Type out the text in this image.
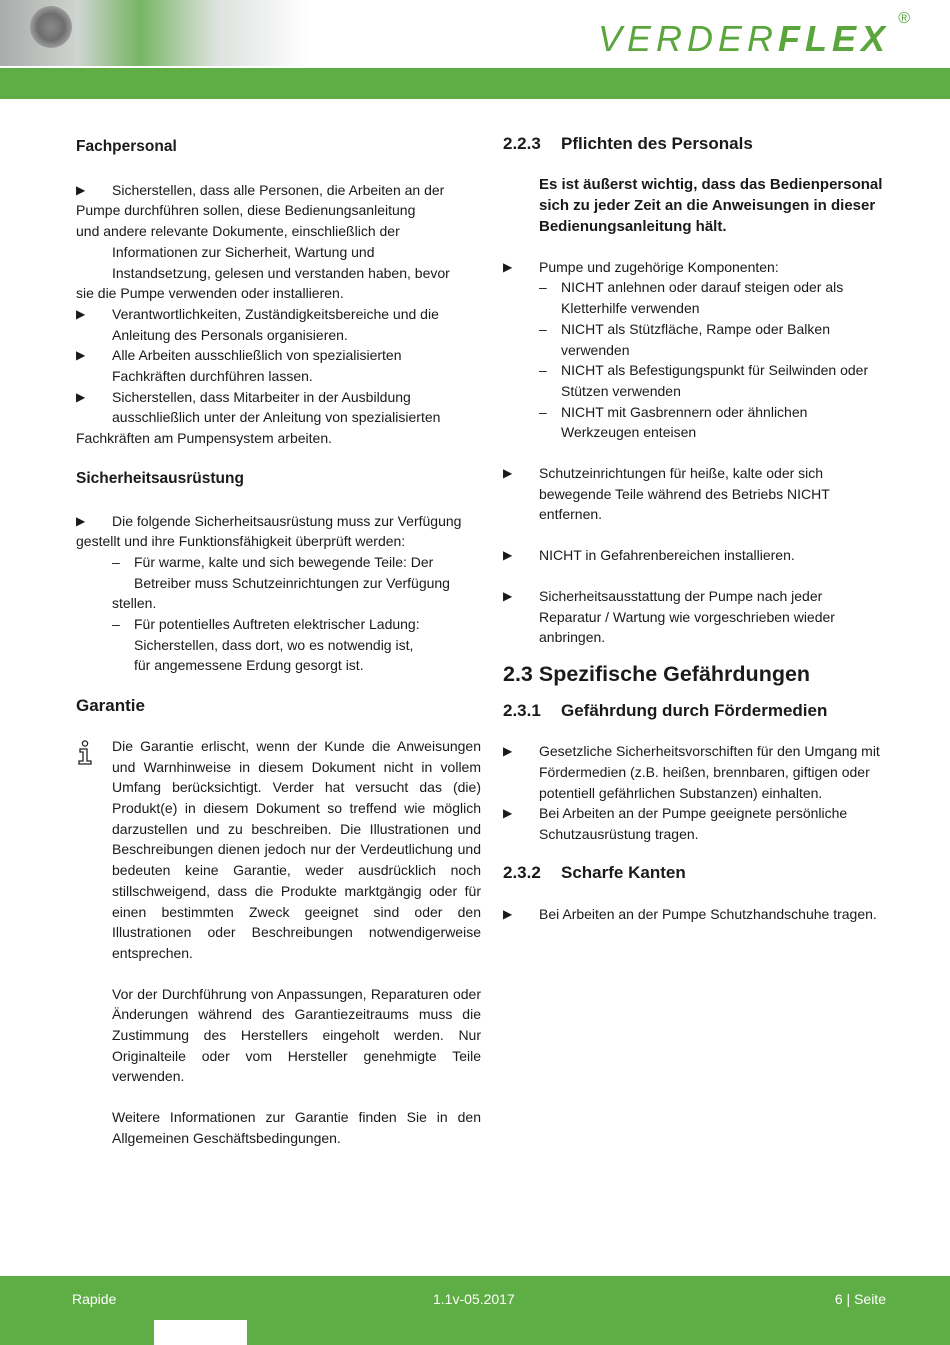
VERDERFLEX ®

Fachpersonal

▶	Sicherstellen, dass alle Personen, die Arbeiten an der

Pumpe durchführen sollen, diese Bedienungsanleitung

und andere relevante Dokumente, einschließlich der

Informationen zur Sicherheit, Wartung und

Instandsetzung, gelesen und verstanden haben, bevor

sie die Pumpe verwenden oder installieren.

▶	Verantwortlichkeiten, Zuständigkeitsbereiche und die Anleitung des Personals organisieren.

▶	Alle Arbeiten ausschließlich von spezialisierten Fachkräften durchführen lassen.

▶	Sicherstellen, dass Mitarbeiter in der Ausbildung

ausschließlich unter der Anleitung von spezialisierten

Fachkräften am Pumpensystem arbeiten.

Sicherheitsausrüstung

▶	Die folgende Sicherheitsausrüstung muss zur Verfügung

gestellt und ihre Funktionsfähigkeit überprüft werden:

– Für warme, kalte und sich bewegende Teile: Der

Betreiber muss Schutzeinrichtungen zur Verfügung

stellen.

– Für potentielles Auftreten elektrischer Ladung:

Sicherstellen, dass dort, wo es notwendig ist,

für angemessene Erdung gesorgt ist.

Garantie

Die Garantie erlischt, wenn der Kunde die Anweisungen und Warnhinweise in diesem Dokument nicht in vollem Umfang berücksichtigt. Verder hat versucht das (die) Produkt(e) in diesem Dokument so treffend wie möglich darzustellen und zu beschreiben. Die Illustrationen und Beschreibungen dienen jedoch nur der Verdeutlichung und bedeuten keine Garantie, weder ausdrücklich noch stillschweigend, dass die Produkte marktgängig oder für einen bestimmten Zweck geeignet sind oder den Illustrationen oder Beschreibungen notwendigerweise entsprechen.

Vor der Durchführung von Anpassungen, Reparaturen oder Änderungen während des Garantiezeitraums muss die Zustimmung des Herstellers eingeholt werden. Nur Originalteile oder vom Hersteller genehmigte Teile verwenden.

Weitere Informationen zur Garantie finden Sie in den Allgemeinen Geschäftsbedingungen.

2.2.3 Pflichten des Personals

Es ist äußerst wichtig, dass das Bedienpersonal sich zu jeder Zeit an die Anweisungen in dieser Bedienungsanleitung hält.

▶	Pumpe und zugehörige Komponenten:

– NICHT anlehnen oder darauf steigen oder als Kletterhilfe verwenden

– NICHT als Stützfläche, Rampe oder Balken verwenden

– NICHT als Befestigungspunkt für Seilwinden oder Stützen verwenden

– NICHT mit Gasbrennern oder ähnlichen Werkzeugen enteisen

▶	Schutzeinrichtungen für heiße, kalte oder sich bewegende Teile während des Betriebs NICHT entfernen.

▶	NICHT in Gefahrenbereichen installieren.

▶	Sicherheitsausstattung der Pumpe nach jeder Reparatur / Wartung wie vorgeschrieben wieder anbringen.

2.3 Spezifische Gefährdungen

2.3.1 Gefährdung durch Fördermedien

▶	Gesetzliche Sicherheitsvorschiften für den Umgang mit Fördermedien (z.B. heißen, brennbaren, giftigen oder potentiell gefährlichen Substanzen) einhalten.

▶	Bei Arbeiten an der Pumpe geeignete persönliche Schutzausrüstung tragen.

2.3.2 Scharfe Kanten

▶	Bei Arbeiten an der Pumpe Schutzhandschuhe tragen.

Rapide	1.1v-05.2017	6 | Seite
